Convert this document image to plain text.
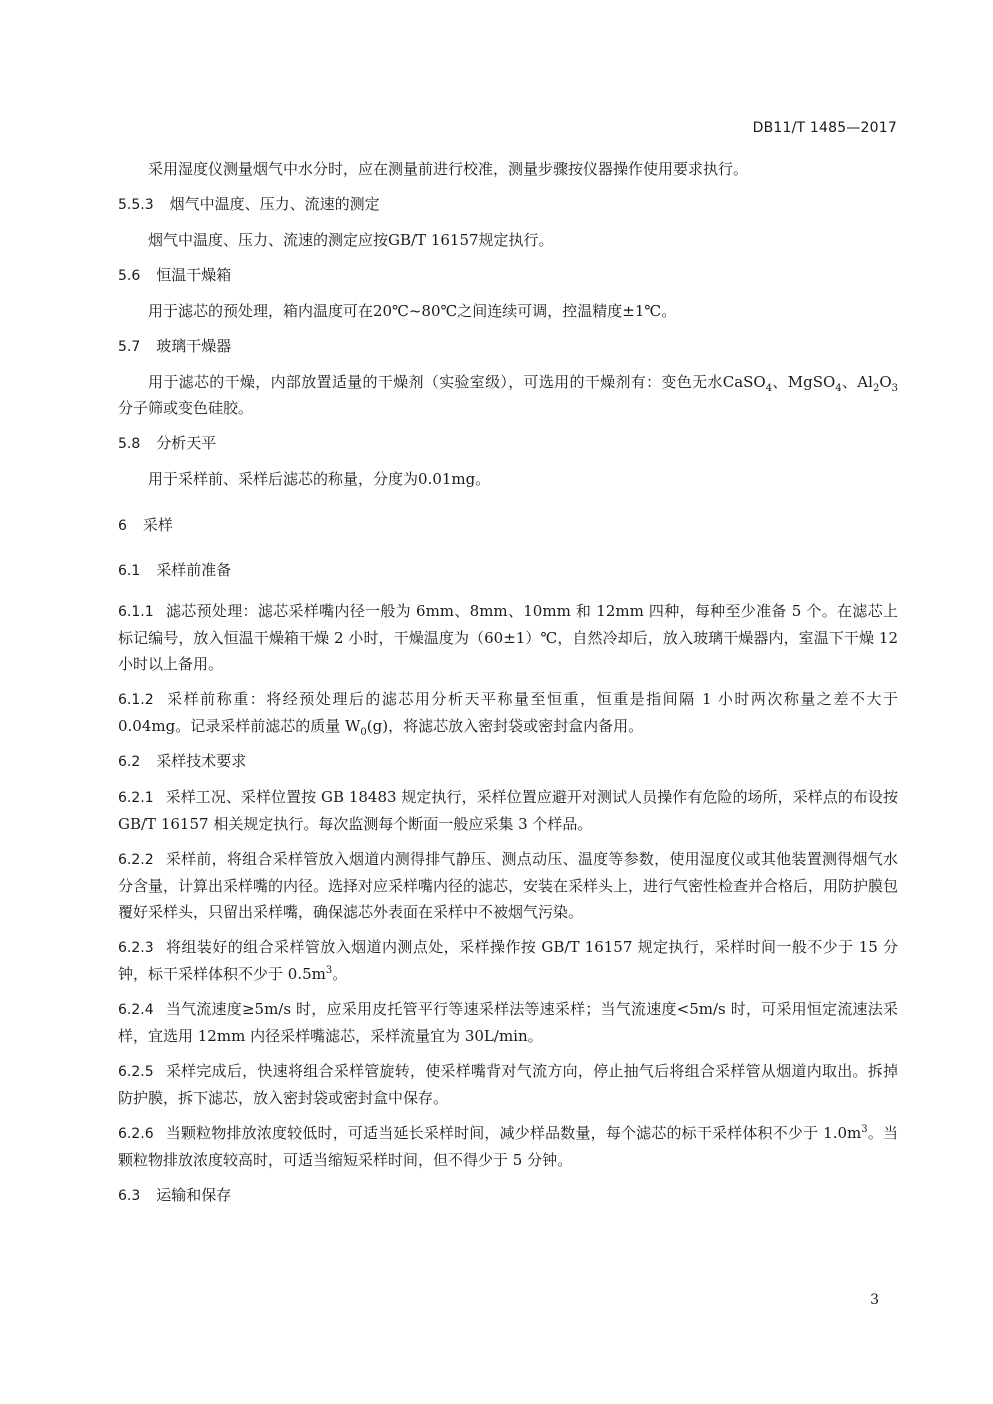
DB11/T 1485—2017

采用湿度仪测量烟气中水分时，应在测量前进行校准，测量步骤按仪器操作使用要求执行。

5.5.3 烟气中温度、压力、流速的测定

烟气中温度、压力、流速的测定应按GB/T 16157规定执行。

5.6 恒温干燥箱

用于滤芯的预处理，箱内温度可在20℃~80℃之间连续可调，控温精度±1℃。

5.7 玻璃干燥器

用于滤芯的干燥，内部放置适量的干燥剂（实验室级），可选用的干燥剂有：变色无水CaSO$_4$、MgSO$_4$、$Al_2O_3$分子筛或变色硅胶。

5.8 分析天平

用于采样前、采样后滤芯的称量，分度为0.01mg。

6 采样
6.1 采样前准备

6.1.1 滤芯预处理：滤芯采样嘴内径一般为 6mm、8mm、10mm 和 12mm 四种，每种至少准备 5 个。在滤芯上标记编号，放入恒温干燥箱干燥 2 小时，干燥温度为（60±1）℃，自然冷却后，放入玻璃干燥器内，室温下干燥 12 小时以上备用。

6.1.2 采样前称重：将经预处理后的滤芯用分析天平称量至恒重，恒重是指间隔 1 小时两次称量之差不大于 0.04mg。记录采样前滤芯的质量 $W_0(g)$，将滤芯放入密封袋或密封盒内备用。

6.2 采样技术要求

6.2.1 采样工况、采样位置按 GB 18483 规定执行，采样位置应避开对测试人员操作有危险的场所，采样点的布设按 GB/T 16157 相关规定执行。每次监测每个断面一般应采集 3 个样品。

6.2.2 采样前，将组合采样管放入烟道内测得排气静压、测点动压、温度等参数，使用湿度仪或其他装置测得烟气水分含量，计算出采样嘴的内径。选择对应采样嘴内径的滤芯，安装在采样头上，进行气密性检查并合格后，用防护膜包覆好采样头，只留出采样嘴，确保滤芯外表面在采样中不被烟气污染。

6.2.3 将组装好的组合采样管放入烟道内测点处，采样操作按 GB/T 16157 规定执行，采样时间一般不少于 15 分钟，标干采样体积不少于 $0.5m^3$。

6.2.4 当气流速度≥5m/s 时，应采用皮托管平行等速采样法等速采样；当气流速度<5m/s 时，可采用恒定流速法采样，宜选用 12mm 内径采样嘴滤芯，采样流量宜为 30L/min。

6.2.5 采样完成后，快速将组合采样管旋转，使采样嘴背对气流方向，停止抽气后将组合采样管从烟道内取出。拆掉防护膜，拆下滤芯，放入密封袋或密封盒中保存。

6.2.6 当颗粒物排放浓度较低时，可适当延长采样时间，减少样品数量，每个滤芯的标干采样体积不少于 $1.0m^3$。当颗粒物排放浓度较高时，可适当缩短采样时间，但不得少于 5 分钟。

6.3 运输和保存
3
